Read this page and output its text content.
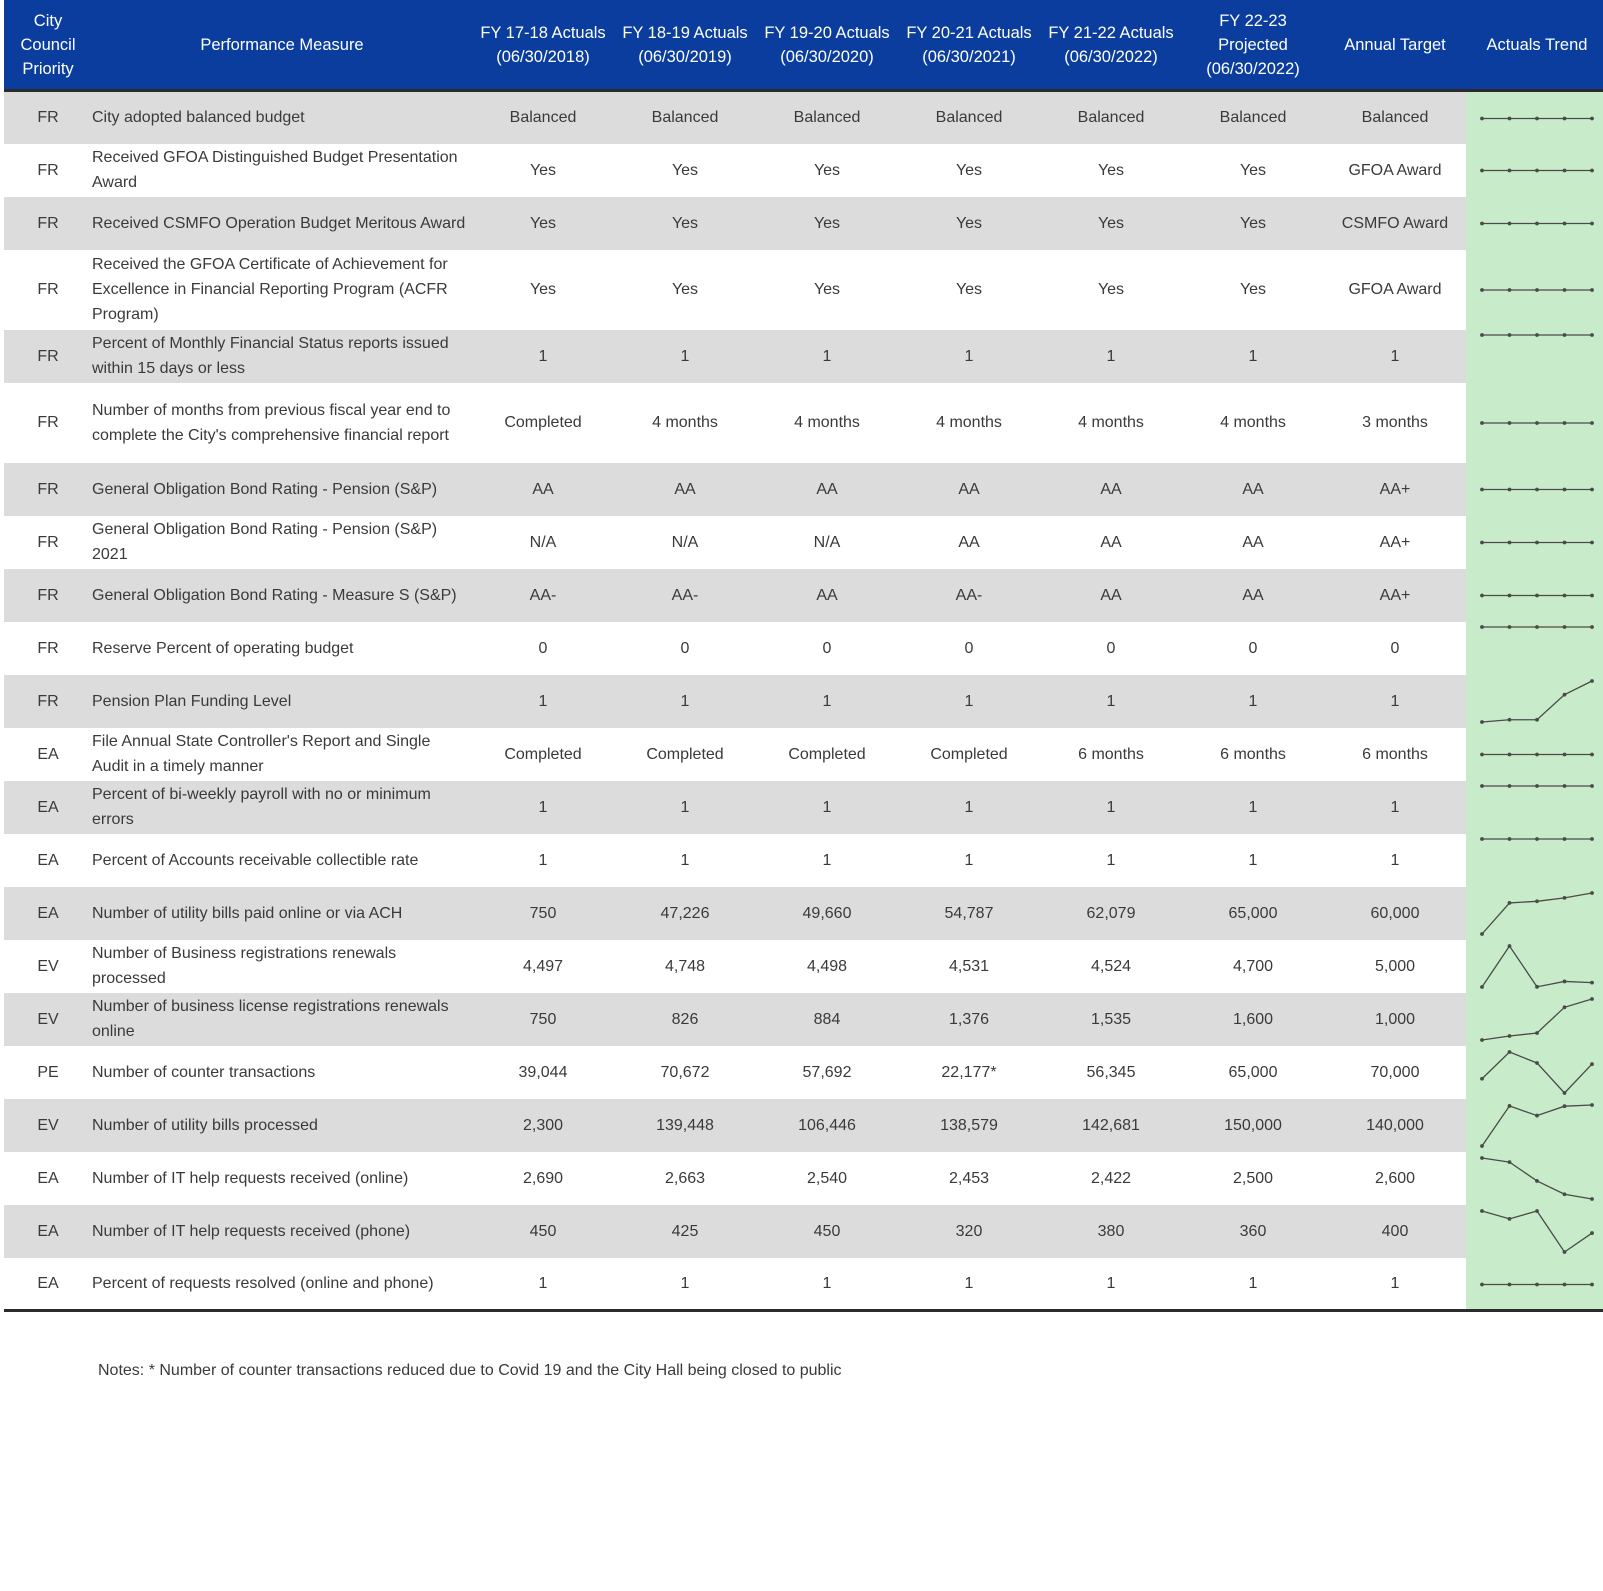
City Council Priority	Performance Measure	FY 17-18 Actuals (06/30/2018)	FY 18-19 Actuals (06/30/2019)	FY 19-20 Actuals (06/30/2020)	FY 20-21 Actuals (06/30/2021)	FY 21-22 Actuals (06/30/2022)	FY 22-23 Projected (06/30/2022)	Annual Target	Actuals Trend
FR	City adopted balanced budget	Balanced	Balanced	Balanced	Balanced	Balanced	Balanced	Balanced	

FR	Received GFOA Distinguished Budget Presentation Award	Yes	Yes	Yes	Yes	Yes	Yes	GFOA Award	

FR	Received CSMFO Operation Budget Meritous Award	Yes	Yes	Yes	Yes	Yes	Yes	CSMFO Award	

FR	Received the GFOA Certificate of Achievement for Excellence in Financial Reporting Program (ACFR Program)	Yes	Yes	Yes	Yes	Yes	Yes	GFOA Award	

FR	Percent of Monthly Financial Status reports issued within 15 days or less	1	1	1	1	1	1	1	

FR	Number of months from previous fiscal year end to complete the City's comprehensive financial report	Completed	4 months	4 months	4 months	4 months	4 months	3 months	

FR	General Obligation Bond Rating - Pension (S&P)	AA	AA	AA	AA	AA	AA	AA+	

FR	General Obligation Bond Rating - Pension (S&P) 2021	N/A	N/A	N/A	AA	AA	AA	AA+	

FR	General Obligation Bond Rating - Measure S (S&P)	AA-	AA-	AA	AA-	AA	AA	AA+	

FR	Reserve Percent of operating budget	0	0	0	0	0	0	0	

FR	Pension Plan Funding Level	1	1	1	1	1	1	1	

EA	File Annual State Controller's Report and Single Audit in a timely manner	Completed	Completed	Completed	Completed	6 months	6 months	6 months	

EA	Percent of bi-weekly payroll with no or minimum errors	1	1	1	1	1	1	1	

EA	Percent of Accounts receivable collectible rate	1	1	1	1	1	1	1	

EA	Number of utility bills paid online or via ACH	750	47,226	49,660	54,787	62,079	65,000	60,000	

EV	Number of Business registrations renewals processed	4,497	4,748	4,498	4,531	4,524	4,700	5,000	

EV	Number of business license registrations renewals online	750	826	884	1,376	1,535	1,600	1,000	

PE	Number of counter transactions	39,044	70,672	57,692	22,177*	56,345	65,000	70,000	

EV	Number of utility bills processed	2,300	139,448	106,446	138,579	142,681	150,000	140,000	

EA	Number of IT help requests received (online)	2,690	2,663	2,540	2,453	2,422	2,500	2,600	

EA	Number of IT help requests received (phone)	450	425	450	320	380	360	400	

EA	Percent of requests resolved (online and phone)	1	1	1	1	1	1	1	
Notes: * Number of counter transactions reduced due to Covid 19 and the City Hall being closed to public
